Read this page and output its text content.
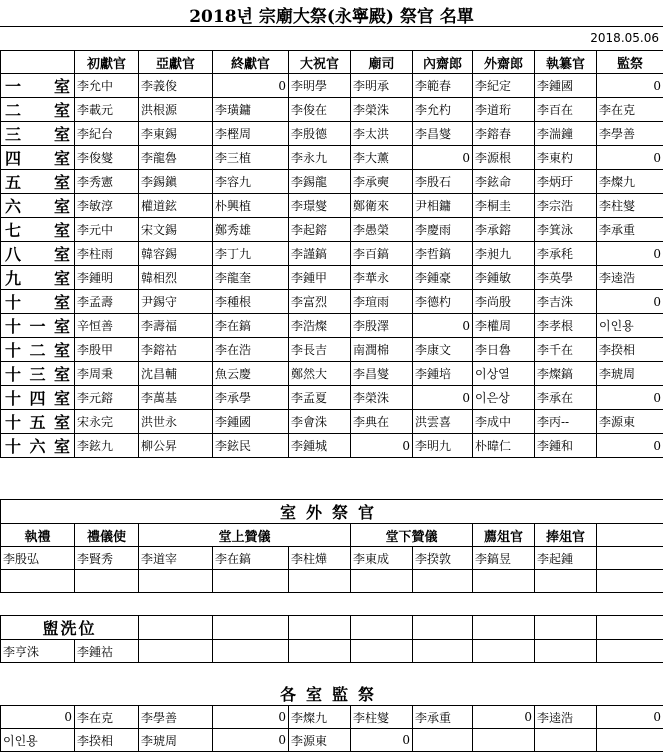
2018년 宗廟大祭(永寧殿) 祭官 名單
2018.05.06
	初獻官	亞獻官	終獻官	大祝官	廟司	內齋郎	外齋郎	執簒官	監祭
一室	李允中	李義俊	0	李明學	李明承	李範春	李紀定	李鍾國	0
二室	李載元	洪根源	李璜鏞	李俊在	李榮洙	李允杓	李道珩	李百在	李在克
三室	李紀台	李東錫	李樫周	李殷德	李太洪	李昌燮	李鎔春	李湍鐘	李學善
四室	李俊燮	李龍魯	李三植	李永九	李大薰	0	李源根	李東杓	0
五室	李秀憲	李錫鎭	李容九	李錫龍	李承奭	李殷石	李鉉命	李炳玗	李燦九
六室	李敏淳	權道鉉	朴興植	李璟燮	鄭衛來	尹相鏞	李桐圭	李宗浩	李柱燮
七室	李元中	宋文錫	鄭秀雄	李起鎔	李愚榮	李慶雨	李承鎔	李箕泳	李承重
八室	李柱雨	韓容錫	李丁九	李謹鎬	李百鎬	李哲鎬	李昶九	李承秏	0
九室	李鍾明	韓相烈	李龍奎	李鍾甲	李華永	李鍾豪	李鍾敏	李英學	李逵浩
十室	李孟壽	尹錫守	李種根	李富烈	李瑄雨	李德杓	李尚殷	李吉洙	0
十一室	辛恒善	李壽福	李在鎬	李浩燦	李殷澤	0	李權周	李孝根	이인용
十二室	李殷甲	李鎔祜	李在浩	李長吉	南潤棉	李康文	李日魯	李千在	李揆相
十三室	李周秉	沈昌輔	魚云慶	鄭然大	李昌燮	李鍾培	이상열	李燦鎬	李琥周
十四室	李元鎔	李萬基	李承學	李孟夏	李榮洙	0	이은상	李承在	0
十五室	宋永完	洪世永	李鍾國	李會洙	李典在	洪雲喜	李成中	李丙--	李源東
十六室	李鉉九	柳公昇	李鉉民	李鍾城	0	李明九	朴暐仁	李鍾和	0
室外祭官									
執禮	禮儀使	堂上贊儀			堂下贊儀		薦俎官	捧俎官	
李殷弘	李賢秀	李道宰	李在鎬	李柱燁	李東成	李揆敦	李鎬昱	李起鍾	

盥洗位									
李亨洙	李鍾祜								
各室監祭									
0	李在克	李學善	0	李燦九	李柱燮	李承重	0	李逵浩	0
이인용	李揆相	李琥周	0	李源東	0				
